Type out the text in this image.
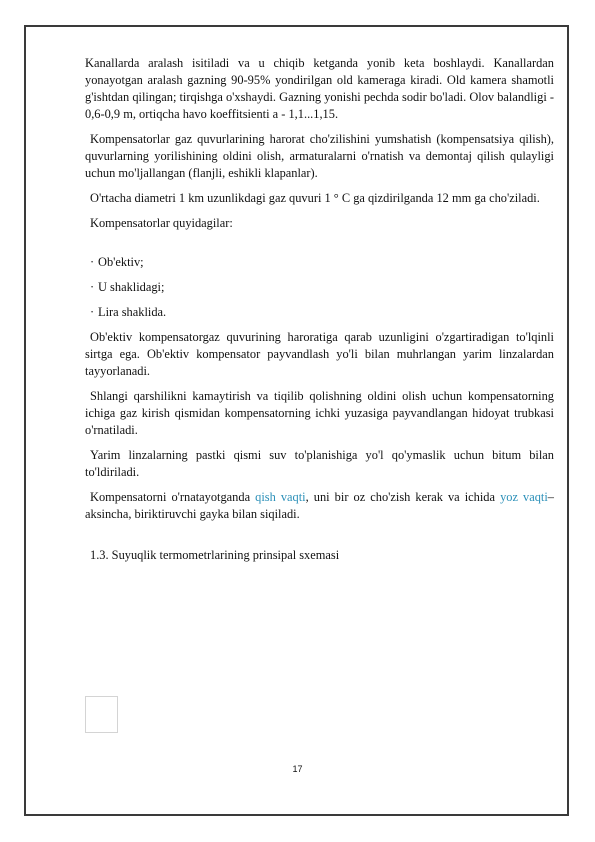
Kanallarda aralash isitiladi va u chiqib ketganda yonib keta boshlaydi. Kanallardan yonayotgan aralash gazning 90-95% yondirilgan old kameraga kiradi. Old kamera shamotli g'ishtdan qilingan; tirqishga o'xshaydi. Gazning yonishi pechda sodir bo'ladi. Olov balandligi - 0,6-0,9 m, ortiqcha havo koeffitsienti a - 1,1...1,15.

Kompensatorlar gaz quvurlarining harorat cho'zilishini yumshatish (kompensatsiya qilish), quvurlarning yorilishining oldini olish, armaturalarni o'rnatish va demontaj qilish qulayligi uchun mo'ljallangan (flanjli, eshikli klapanlar).

O'rtacha diametri 1 km uzunlikdagi gaz quvuri 1 ° C ga qizdirilganda 12 mm ga cho'ziladi.

Kompensatorlar quyidagilar:

· Ob'ektiv;
· U shaklidagi;
· Lira shaklida.

Ob'ektiv kompensatorgaz quvurining haroratiga qarab uzunligini o'zgartiradigan to'lqinli sirtga ega. Ob'ektiv kompensator payvandlash yo'li bilan muhrlangan yarim linzalardan tayyorlanadi.

Shlangi qarshilikni kamaytirish va tiqilib qolishning oldini olish uchun kompensatorning ichiga gaz kirish qismidan kompensatorning ichki yuzasiga payvandlangan hidoyat trubkasi o'rnatiladi.

Yarim linzalarning pastki qismi suv to'planishiga yo'l qo'ymaslik uchun bitum bilan to'ldiriladi.

Kompensatorni o'rnatayotganda qish vaqti, uni bir oz cho'zish kerak va ichida yoz vaqti– aksincha, biriktiruvchi gayka bilan siqiladi.

1.3. Suyuqlik termometrlarining prinsipal sxemasi

17
